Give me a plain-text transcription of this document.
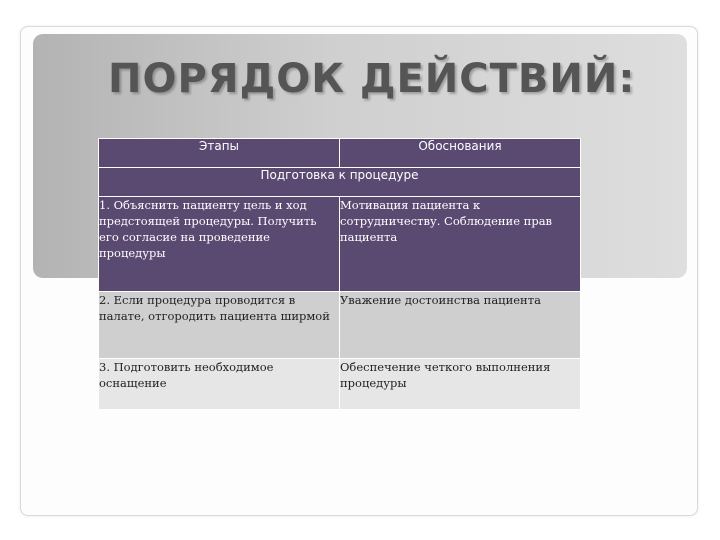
ПОРЯДОК ДЕЙСТВИЙ:
Этапы	Обоснования
Подготовка к процедуре	
1. Объяснить пациенту цель и ход предстоящей процедуры. Получить его согласие на проведение процедуры	Мотивация пациента к сотрудничеству. Соблюдение прав пациента
2. Если процедура проводится в палате, отгородить пациента ширмой	Уважение достоинства пациента
3. Подготовить необходимое оснащение	Обеспечение четкого выполнения процедуры
